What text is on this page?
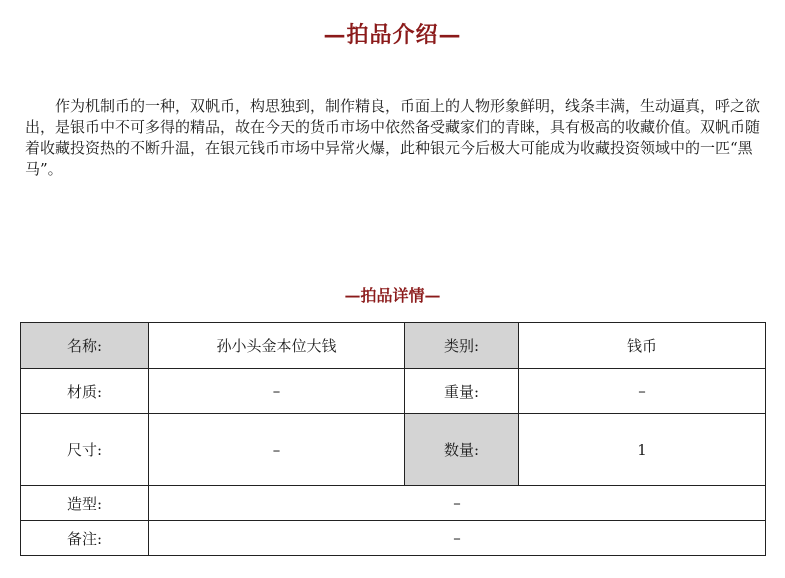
—拍品介绍—

作为机制币的一种，双帆币，构思独到，制作精良，币面上的人物形象鲜明，线条丰满，生动逼真，呼之欲出，是银币中不可多得的精品，故在今天的货币市场中依然备受藏家们的青睐，具有极高的收藏价值。双帆币随着收藏投资热的不断升温，在银元钱币市场中异常火爆，此种银元今后极大可能成为收藏投资领域中的一匹“黑马”。

—拍品详情—
名称:	孙小头金本位大钱	类别:	钱币
材质:	–	重量:	–
尺寸:	–	数量:	1
造型:	–		
备注:	–		
